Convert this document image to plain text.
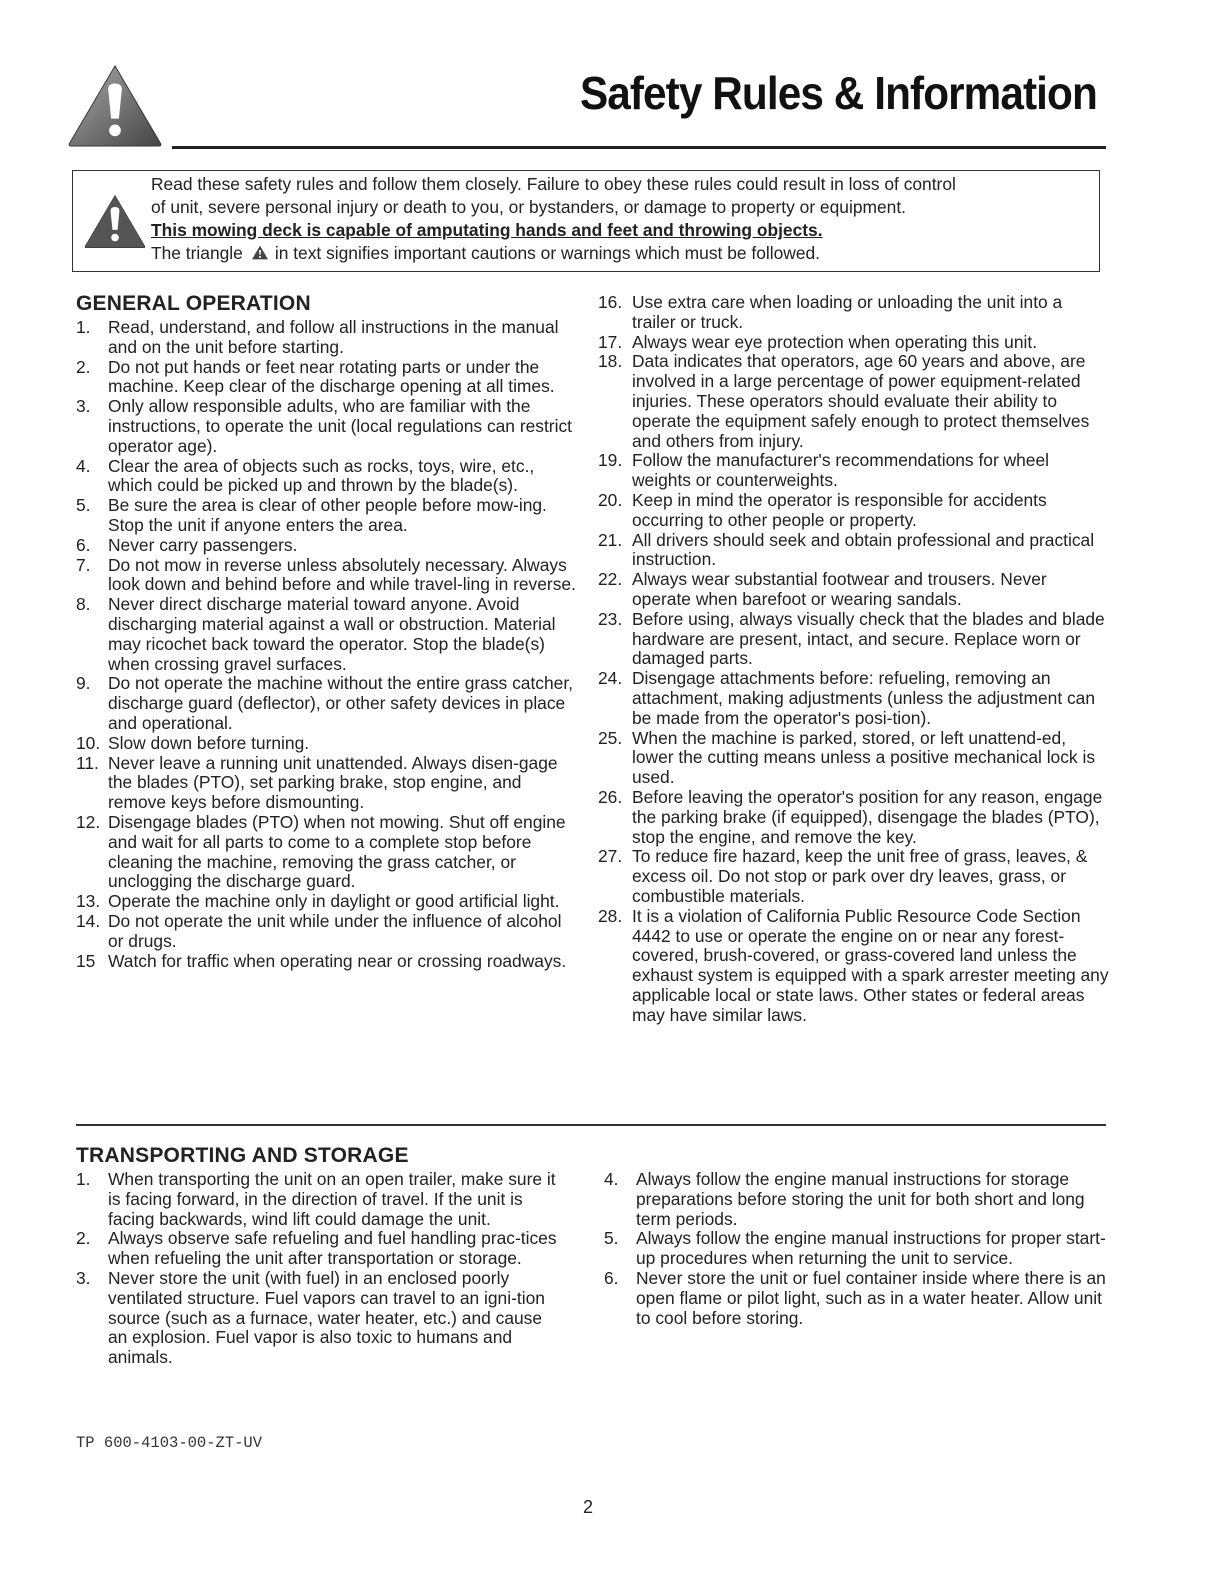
Safety Rules & Information

Read these safety rules and follow them closely. Failure to obey these rules could result in loss of control

of unit, severe personal injury or death to you, or bystanders, or damage to property or equipment.

This mowing deck is capable of amputating hands and feet and throwing objects.

The triangle in text signifies important cautions or warnings which must be followed.

GENERAL OPERATION
1. Read, understand, and follow all instructions in the manual and on the unit before starting.
2. Do not put hands or feet near rotating parts or under the machine. Keep clear of the discharge opening at all times.
3. Only allow responsible adults, who are familiar with the instructions, to operate the unit (local regulations can restrict operator age).
4. Clear the area of objects such as rocks, toys, wire, etc., which could be picked up and thrown by the blade(s).
5. Be sure the area is clear of other people before mow-ing. Stop the unit if anyone enters the area.
6. Never carry passengers.
7. Do not mow in reverse unless absolutely necessary. Always look down and behind before and while travel-ling in reverse.
8. Never direct discharge material toward anyone. Avoid discharging material against a wall or obstruction. Material may ricochet back toward the operator. Stop the blade(s) when crossing gravel surfaces.
9. Do not operate the machine without the entire grass catcher, discharge guard (deflector), or other safety devices in place and operational.
10. Slow down before turning.
11. Never leave a running unit unattended. Always disen-gage the blades (PTO), set parking brake, stop engine, and remove keys before dismounting.
12. Disengage blades (PTO) when not mowing. Shut off engine and wait for all parts to come to a complete stop before cleaning the machine, removing the grass catcher, or unclogging the discharge guard.
13. Operate the machine only in daylight or good artificial light.
14. Do not operate the unit while under the influence of alcohol or drugs.
15 Watch for traffic when operating near or crossing roadways.
16. Use extra care when loading or unloading the unit into a trailer or truck.
17. Always wear eye protection when operating this unit.
18. Data indicates that operators, age 60 years and above, are involved in a large percentage of power equipment-related injuries. These operators should evaluate their ability to operate the equipment safely enough to protect themselves and others from injury.
19. Follow the manufacturer's recommendations for wheel weights or counterweights.
20. Keep in mind the operator is responsible for accidents occurring to other people or property.
21. All drivers should seek and obtain professional and practical instruction.
22. Always wear substantial footwear and trousers. Never operate when barefoot or wearing sandals.
23. Before using, always visually check that the blades and blade hardware are present, intact, and secure. Replace worn or damaged parts.
24. Disengage attachments before: refueling, removing an attachment, making adjustments (unless the adjustment can be made from the operator's posi-tion).
25. When the machine is parked, stored, or left unattend-ed, lower the cutting means unless a positive mechanical lock is used.
26. Before leaving the operator's position for any reason, engage the parking brake (if equipped), disengage the blades (PTO), stop the engine, and remove the key.
27. To reduce fire hazard, keep the unit free of grass, leaves, & excess oil. Do not stop or park over dry leaves, grass, or combustible materials.
28. It is a violation of California Public Resource Code Section 4442 to use or operate the engine on or near any forest-covered, brush-covered, or grass-covered land unless the exhaust system is equipped with a spark arrester meeting any applicable local or state laws. Other states or federal areas may have similar laws.
TRANSPORTING AND STORAGE
1. When transporting the unit on an open trailer, make sure it is facing forward, in the direction of travel. If the unit is facing backwards, wind lift could damage the unit.
2. Always observe safe refueling and fuel handling prac-tices when refueling the unit after transportation or storage.
3. Never store the unit (with fuel) in an enclosed poorly ventilated structure. Fuel vapors can travel to an igni-tion source (such as a furnace, water heater, etc.) and cause an explosion. Fuel vapor is also toxic to humans and animals.
4. Always follow the engine manual instructions for storage preparations before storing the unit for both short and long term periods.
5. Always follow the engine manual instructions for proper start-up procedures when returning the unit to service.
6. Never store the unit or fuel container inside where there is an open flame or pilot light, such as in a water heater. Allow unit to cool before storing.
TP 600-4103-00-ZT-UV
2
